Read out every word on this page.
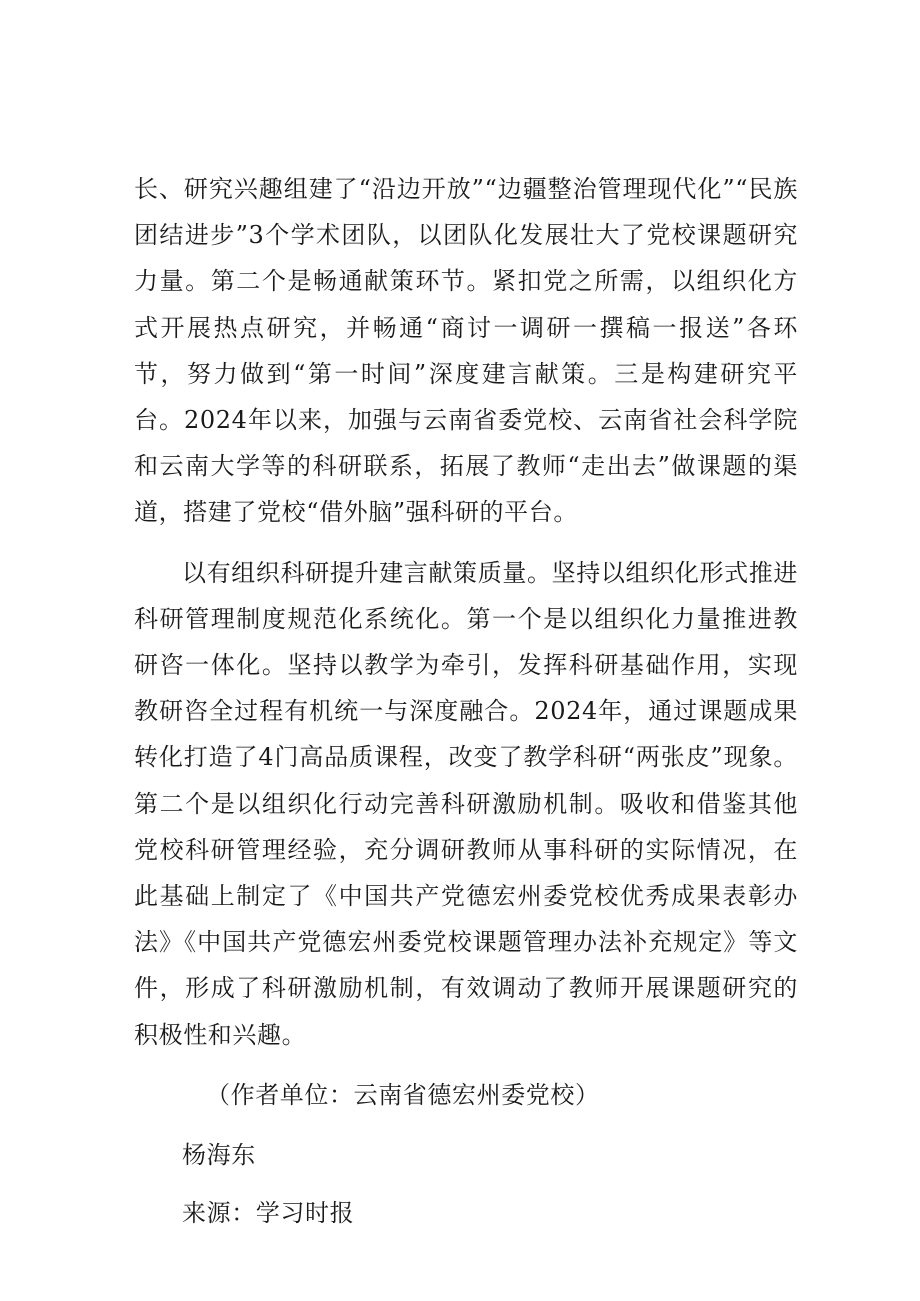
长、研究兴趣组建了“沿边开放”“边疆整治管理现代化”“民族团结进步”3个学术团队，以团队化发展壮大了党校课题研究力量。第二个是畅通献策环节。紧扣党之所需，以组织化方式开展热点研究，并畅通“商讨一调研一撰稿一报送”各环节，努力做到“第一时间”深度建言献策。三是构建研究平台。2024年以来，加强与云南省委党校、云南省社会科学院和云南大学等的科研联系，拓展了教师“走出去”做课题的渠道，搭建了党校“借外脑”强科研的平台。

以有组织科研提升建言献策质量。坚持以组织化形式推进科研管理制度规范化系统化。第一个是以组织化力量推进教研咨一体化。坚持以教学为牵引，发挥科研基础作用，实现教研咨全过程有机统一与深度融合。2024年，通过课题成果转化打造了4门高品质课程，改变了教学科研“两张皮”现象。第二个是以组织化行动完善科研激励机制。吸收和借鉴其他党校科研管理经验，充分调研教师从事科研的实际情况，在此基础上制定了《中国共产党德宏州委党校优秀成果表彰办法》《中国共产党德宏州委党校课题管理办法补充规定》等文件，形成了科研激励机制，有效调动了教师开展课题研究的积极性和兴趣。

（作者单位：云南省德宏州委党校）
杨海东
来源：学习时报
